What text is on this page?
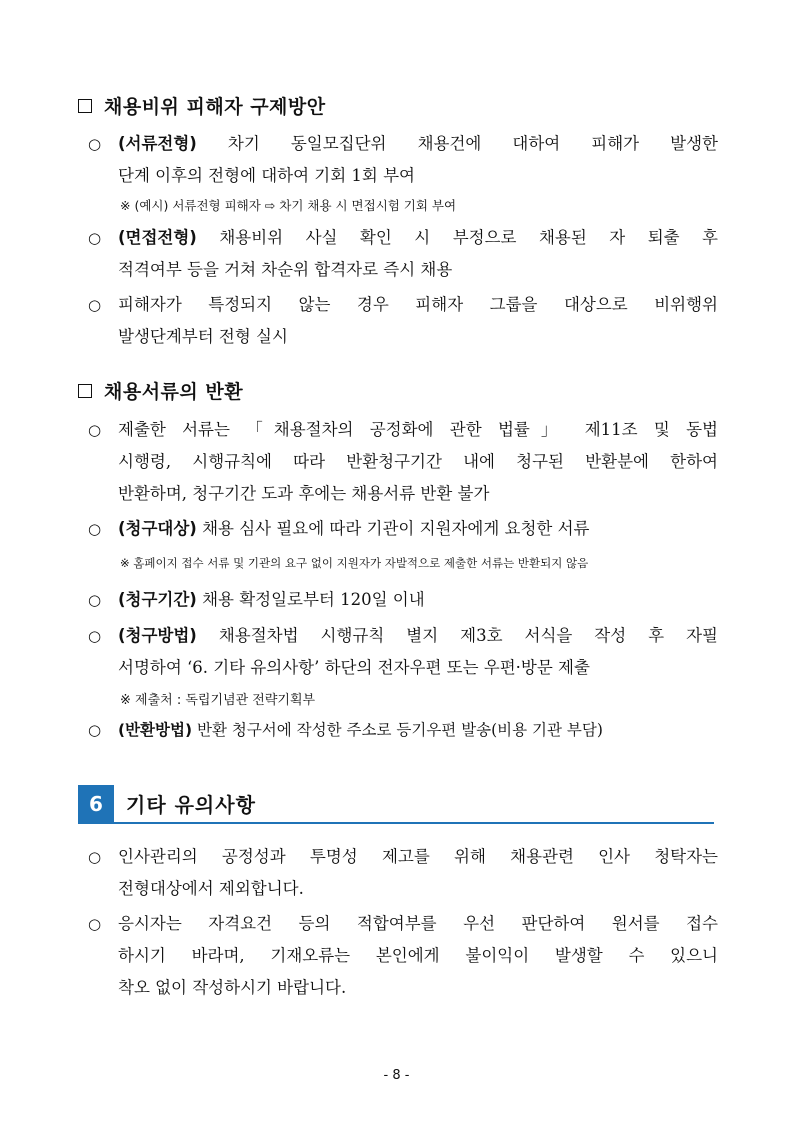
채용비위 피해자 구제방안
○	(서류전형) 차기 동일모집단위 채용건에 대하여 피해가 발생한
단계 이후의 전형에 대하여 기회 1회 부여
※ (예시) 서류전형 피해자 ⇨ 차기 채용 시 면접시험 기회 부여
○	(면접전형) 채용비위 사실 확인 시 부정으로 채용된 자 퇴출 후
적격여부 등을 거쳐 차순위 합격자로 즉시 채용
○	피해자가 특정되지 않는 경우 피해자 그룹을 대상으로 비위행위
발생단계부터 전형 실시
채용서류의 반환
○	제출한 서류는 「채용절차의 공정화에 관한 법률」 제11조 및 동법
시행령, 시행규칙에 따라 반환청구기간 내에 청구된 반환분에 한하여
반환하며, 청구기간 도과 후에는 채용서류 반환 불가
○	(청구대상) 채용 심사 필요에 따라 기관이 지원자에게 요청한 서류
※ 홈페이지 접수 서류 및 기관의 요구 없이 지원자가 자발적으로 제출한 서류는 반환되지 않음
○	(청구기간) 채용 확정일로부터 120일 이내
○	(청구방법) 채용절차법 시행규칙 별지 제3호 서식을 작성 후 자필
서명하여 ‘6. 기타 유의사항’ 하단의 전자우편 또는 우편·방문 제출
※ 제출처 : 독립기념관 전략기획부
○	(반환방법) 반환 청구서에 작성한 주소로 등기우편 발송(비용 기관 부담)
6	기타 유의사항
○	인사관리의 공정성과 투명성 제고를 위해 채용관련 인사 청탁자는
전형대상에서 제외합니다.
○	응시자는 자격요건 등의 적합여부를 우선 판단하여 원서를 접수
하시기 바라며, 기재오류는 본인에게 불이익이 발생할 수 있으니
착오 없이 작성하시기 바랍니다.
- 8 -
